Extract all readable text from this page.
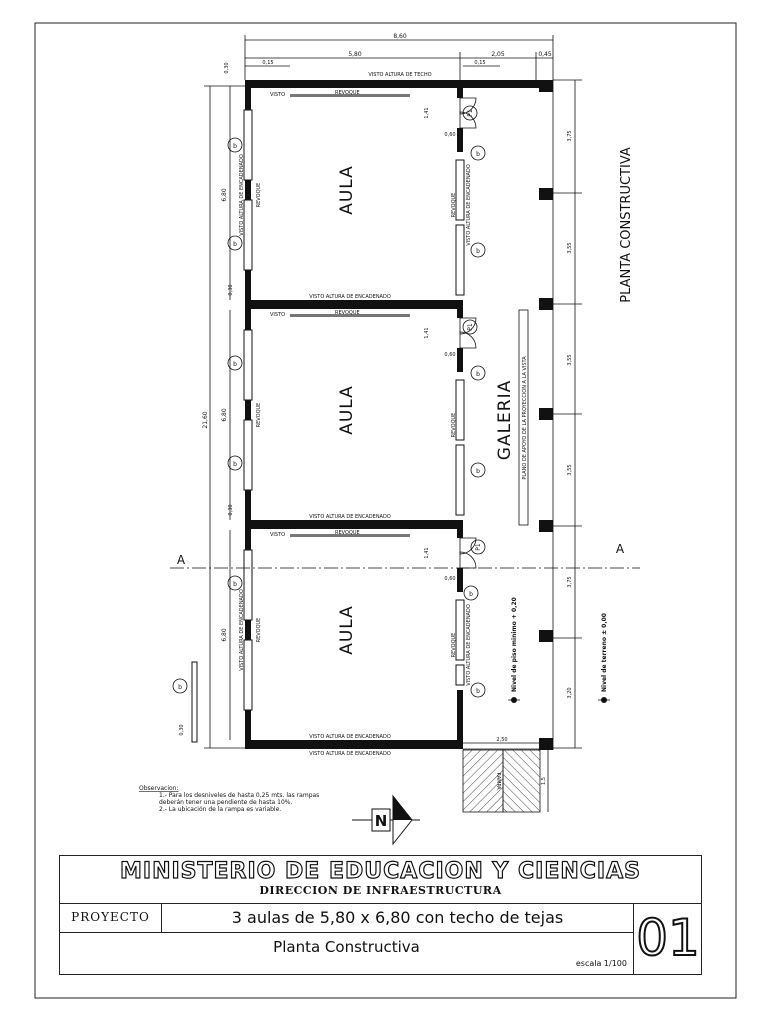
8,60
5,80	2,05	0,45
0,15	0,15
VISTO ALTURA DE TECHO
21,60
6,80
6,80
6,80
0,30
0,30
0,30
0,30
3,75
3,55
3,55
3,55
3,75
3,20
VISTO	REVOQUE
VISTO	REVOQUE
VISTO	REVOQUE
VISTO ALTURA DE ENCADENADO
VISTO ALTURA DE ENCADENADO
VISTO ALTURA DE ENCADENADO
VISTO ALTURA DE ENCADENADO
VISTO ALTURA DE ENCADENADO REVOQUE
REVOQUE
VISTO ALTURA DE ENCADENADO REVOQUE
REVOQUE VISTO ALTURA DE ENCADENADO
REVOQUE
REVOQUE VISTO ALTURA DE ENCADENADO
b
b
b
b
b
b
b
b
b
b
b
b
P1
1,41
0,60
P1
1,41
0,60
P1
1,41
0,60
AULA
AULA
AULA
GALERIA PLANO DE APOYO DE LA PROYECCION A LA VISTA
A
A
Nivel de piso minimo + 0,20	Nivel de terreno ± 0,00
PLANTA CONSTRUCTIVA
RAMPA
2,50
1,5
Observacion:
1.- Para los desniveles de hasta 0,25 mts. las rampas
deberán tener una pendiente de hasta 10%.
2.- La ubicación de la rampa es variable.
N
MINISTERIO DE EDUCACION Y CIENCIAS
DIRECCION DE INFRAESTRUCTURA
PROYECTO	3 aulas de 5,80 x 6,80 con techo de tejas
Planta Constructiva
escala 1/100 01
